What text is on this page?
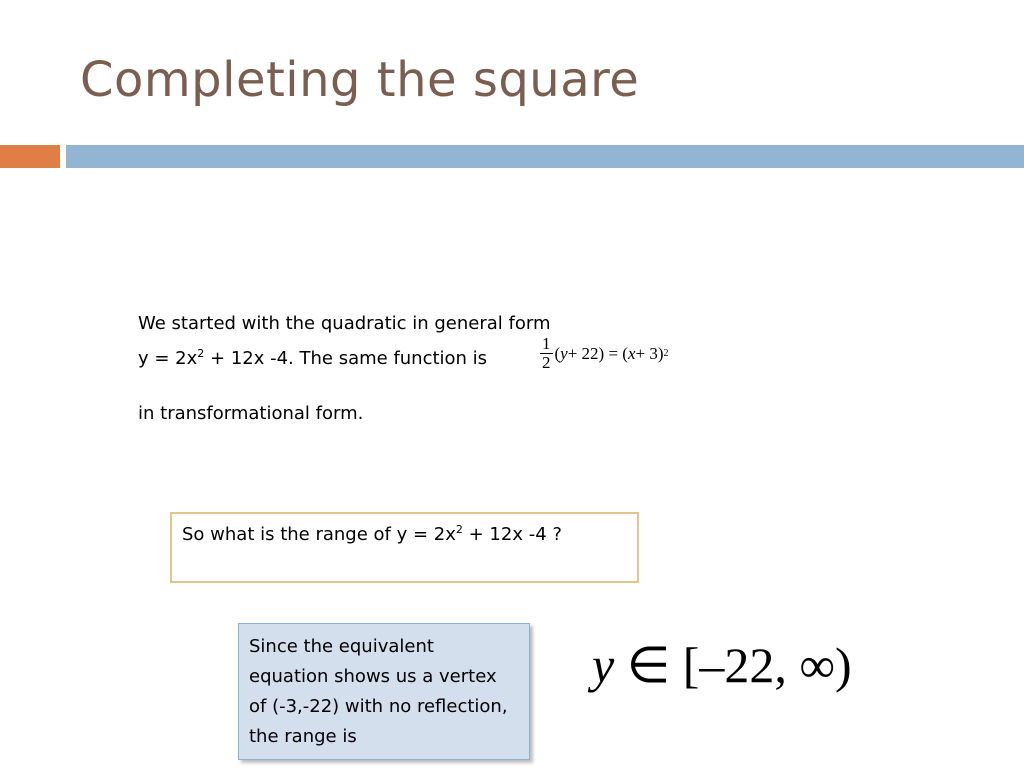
Completing the square
We started with the quadratic in general form
$y = 2x^2 + 12x$ -4. The same function is	$\frac{1}{2}$ ( y + 22) = ( x + 3) 2
in transformational form.
So what is the range of $y = 2x^2 + 12x$ -4 ?
Since the equivalent equation shows us a vertex of (-3,-22) with no reflection, the range is
y ∈ [–22, ∞)
